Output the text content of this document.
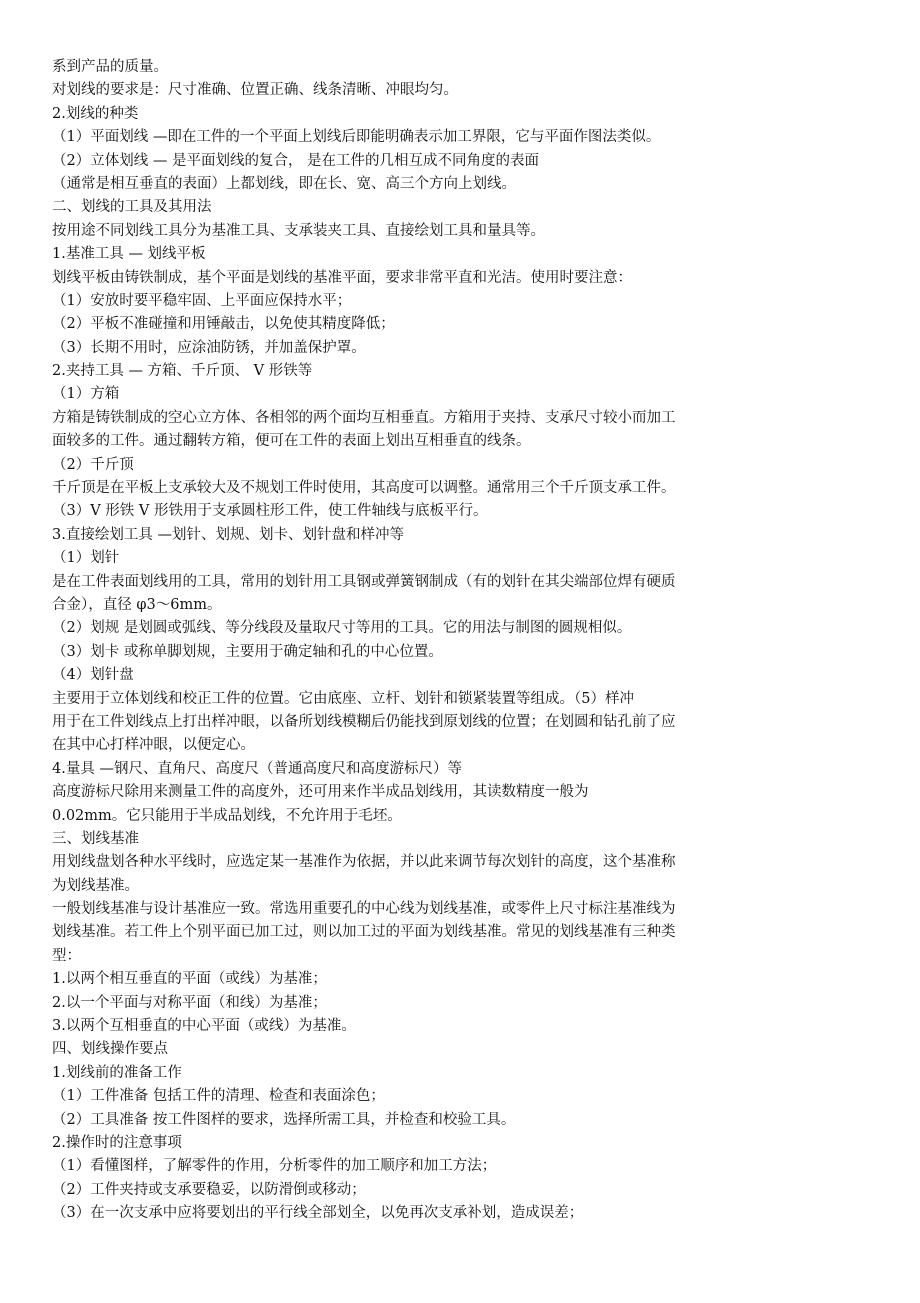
系到产品的质量。
对划线的要求是：尺寸准确、位置正确、线条清晰、冲眼均匀。
2.划线的种类
（1）平面划线 —即在工件的一个平面上划线后即能明确表示加工界限，它与平面作图法类似。
（2）立体划线 — 是平面划线的复合， 是在工件的几相互成不同角度的表面
（通常是相互垂直的表面）上都划线，即在长、宽、高三个方向上划线。
二、划线的工具及其用法
按用途不同划线工具分为基准工具、支承装夹工具、直接绘划工具和量具等。
1.基准工具 — 划线平板
划线平板由铸铁制成，基个平面是划线的基准平面，要求非常平直和光洁。使用时要注意：
（1）安放时要平稳牢固、上平面应保持水平；
（2）平板不准碰撞和用锤敲击，以免使其精度降低；
（3）长期不用时，应涂油防锈，并加盖保护罩。
2.夹持工具 — 方箱、千斤顶、 V 形铁等
（1）方箱
方箱是铸铁制成的空心立方体、各相邻的两个面均互相垂直。方箱用于夹持、支承尺寸较小而加工
面较多的工件。通过翻转方箱，便可在工件的表面上划出互相垂直的线条。
（2）千斤顶
千斤顶是在平板上支承较大及不规划工件时使用，其高度可以调整。通常用三个千斤顶支承工件。
（3）V 形铁 V 形铁用于支承圆柱形工件，使工件轴线与底板平行。
3.直接绘划工具 —划针、划规、划卡、划针盘和样冲等
（1）划针
是在工件表面划线用的工具，常用的划针用工具钢或弹簧钢制成（有的划针在其尖端部位焊有硬质
合金），直径 φ3～6mm。
（2）划规 是划圆或弧线、等分线段及量取尺寸等用的工具。它的用法与制图的圆规相似。
（3）划卡 或称单脚划规，主要用于确定轴和孔的中心位置。
（4）划针盘
主要用于立体划线和校正工件的位置。它由底座、立杆、划针和锁紧装置等组成。（5）样冲
用于在工件划线点上打出样冲眼，以备所划线模糊后仍能找到原划线的位置；在划圆和钻孔前了应
在其中心打样冲眼，以便定心。
4.量具 —钢尺、直角尺、高度尺（普通高度尺和高度游标尺）等
高度游标尺除用来测量工件的高度外，还可用来作半成品划线用，其读数精度一般为
0.02mm。它只能用于半成品划线，不允许用于毛坯。
三、划线基准
用划线盘划各种水平线时，应选定某一基准作为依据，并以此来调节每次划针的高度，这个基准称
为划线基准。
一般划线基准与设计基准应一致。常选用重要孔的中心线为划线基准，或零件上尺寸标注基准线为
划线基准。若工件上个别平面已加工过，则以加工过的平面为划线基准。常见的划线基准有三种类
型：
1.以两个相互垂直的平面（或线）为基准；
2.以一个平面与对称平面（和线）为基准；
3.以两个互相垂直的中心平面（或线）为基准。
四、划线操作要点
1.划线前的准备工作
（1）工件准备 包括工件的清理、检查和表面涂色；
（2）工具准备 按工件图样的要求，选择所需工具，并检查和校验工具。
2.操作时的注意事项
（1）看懂图样，了解零件的作用，分析零件的加工顺序和加工方法；
（2）工件夹持或支承要稳妥，以防滑倒或移动；
（3）在一次支承中应将要划出的平行线全部划全，以免再次支承补划，造成误差；
